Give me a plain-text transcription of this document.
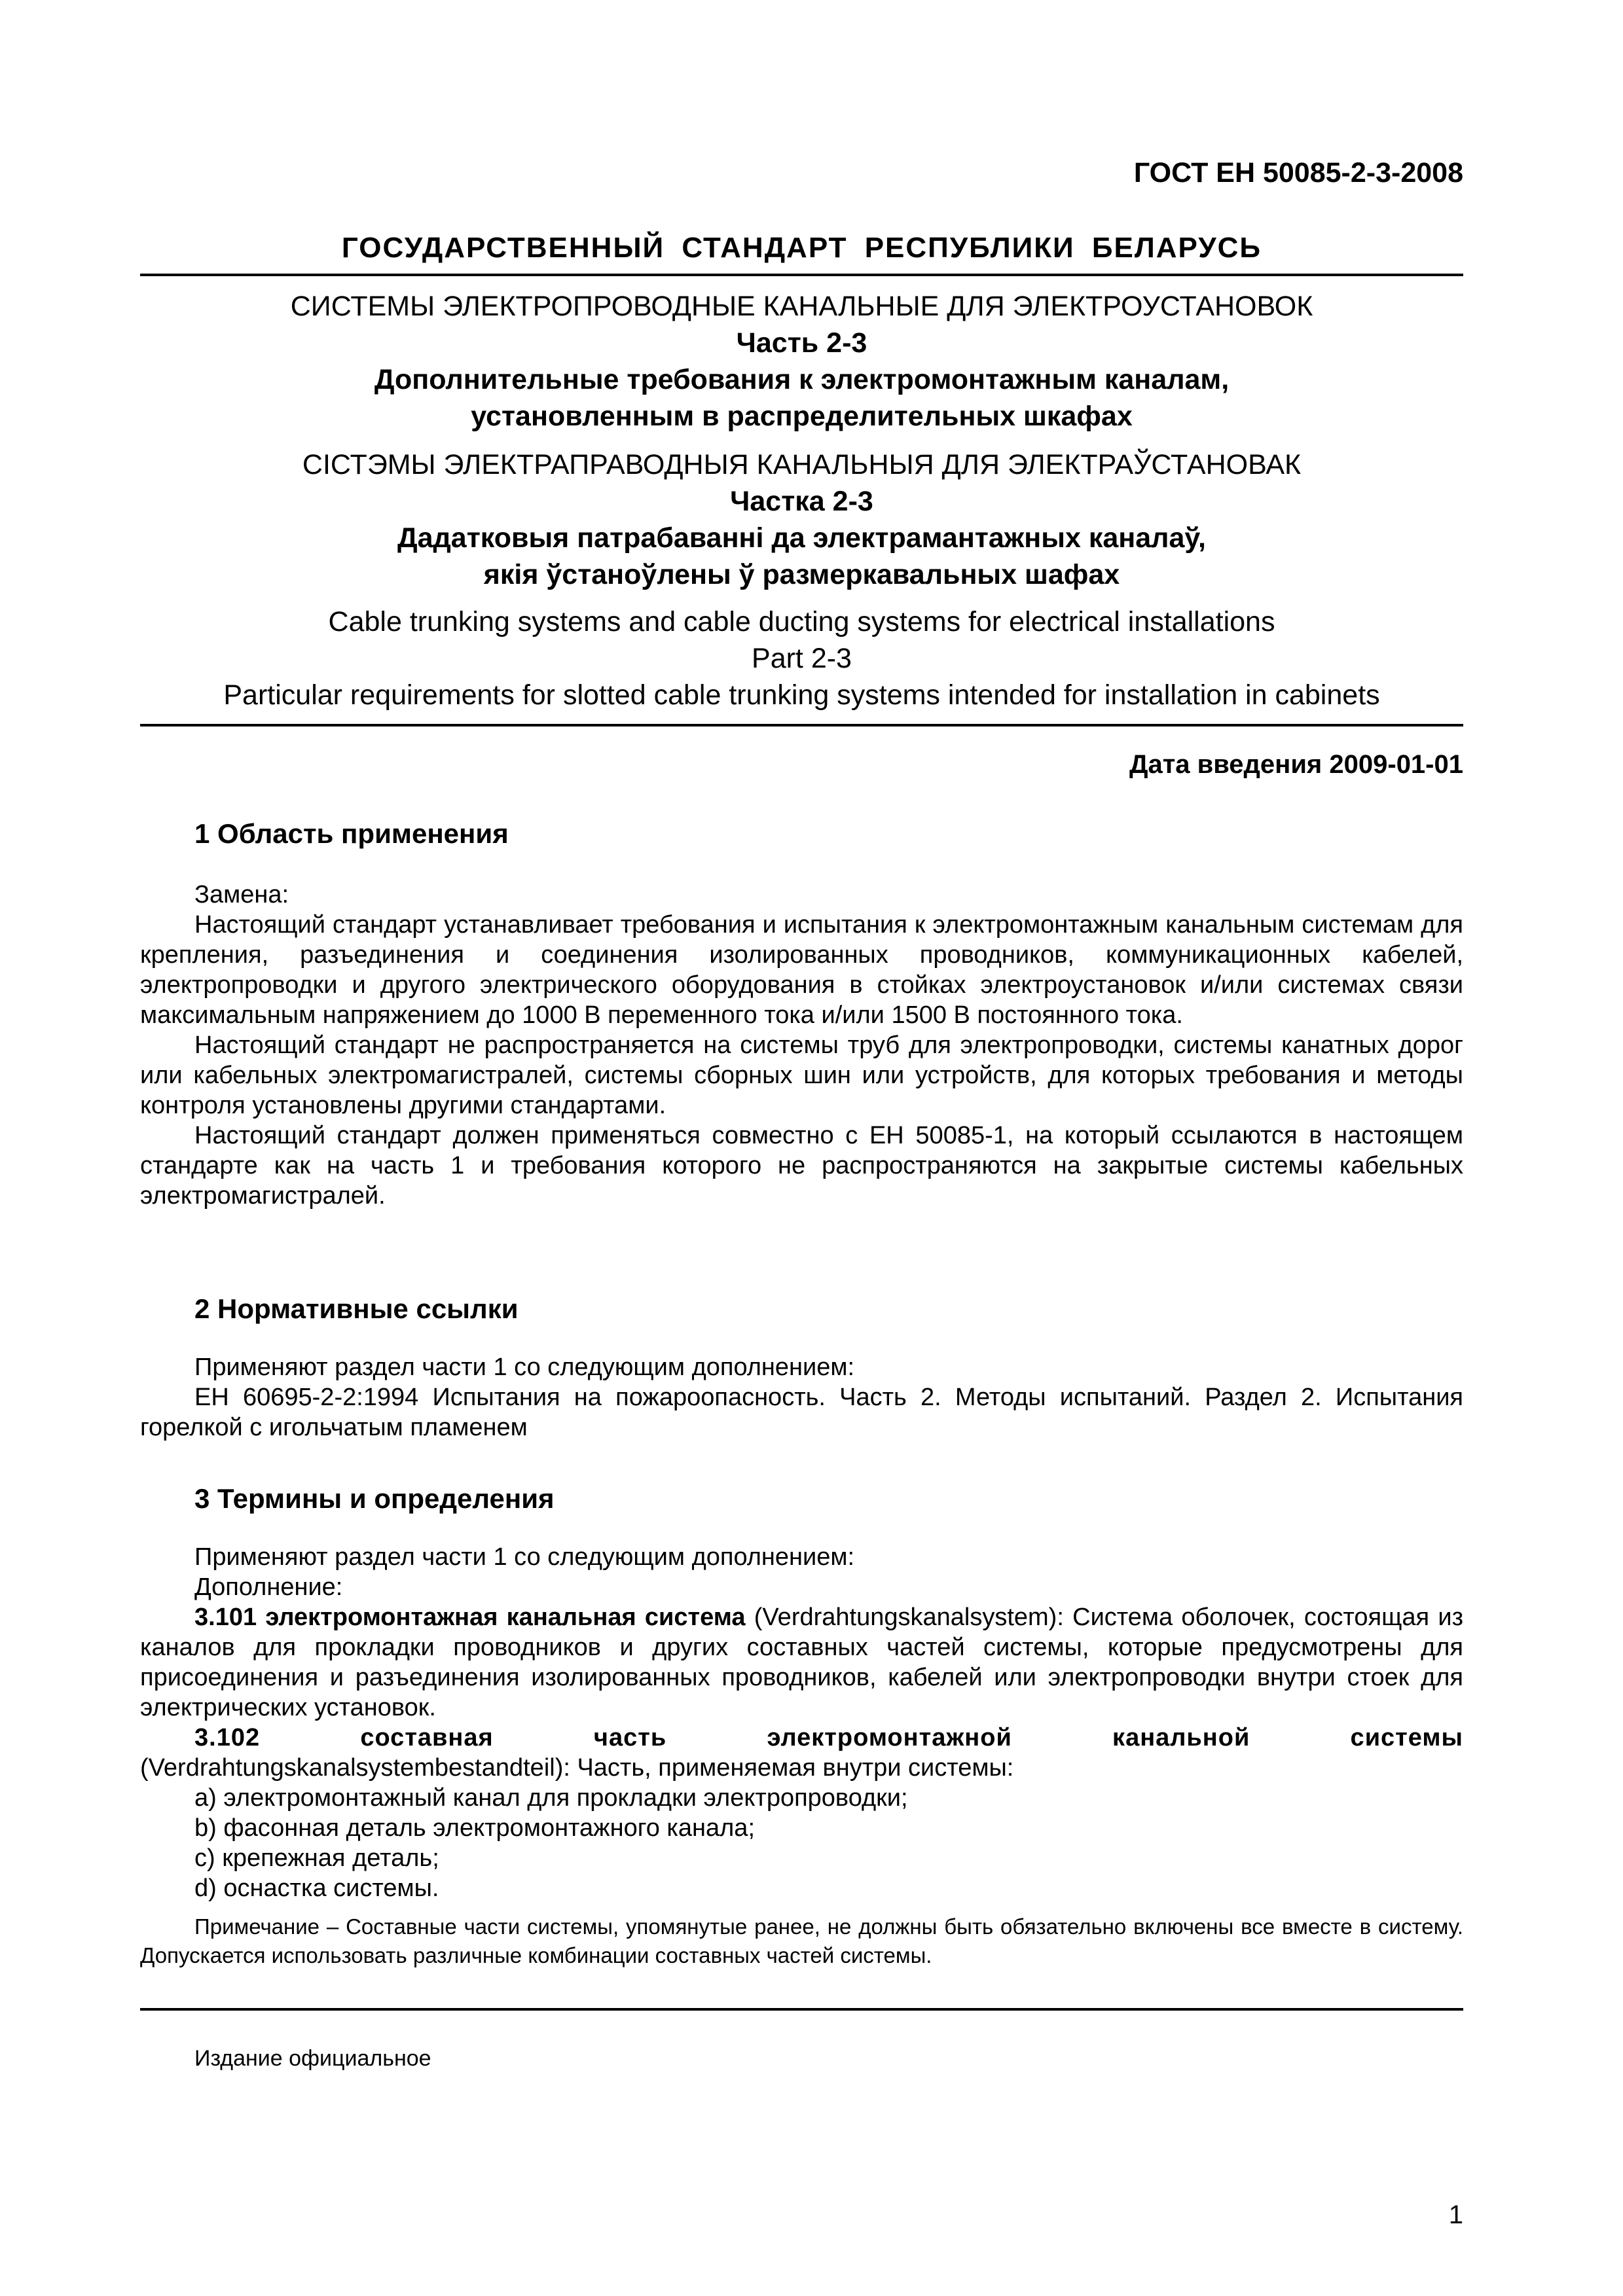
ГОСТ ЕН 50085-2-3-2008
ГОСУДАРСТВЕННЫЙ СТАНДАРТ РЕСПУБЛИКИ БЕЛАРУСЬ
СИСТЕМЫ ЭЛЕКТРОПРОВОДНЫЕ КАНАЛЬНЫЕ ДЛЯ ЭЛЕКТРОУСТАНОВОК
Часть 2-3
Дополнительные требования к электромонтажным каналам,
установленным в распределительных шкафах
СІСТЭМЫ ЭЛЕКТРАПРАВОДНЫЯ КАНАЛЬНЫЯ ДЛЯ ЭЛЕКТРАЎСТАНОВАК
Частка 2-3
Дадатковыя патрабаванні да электрамантажных каналаў,
якія ўстаноўлены ў размеркавальных шафах
Cable trunking systems and cable ducting systems for electrical installations
Part 2-3
Particular requirements for slotted cable trunking systems intended for installation in cabinets
Дата введения 2009-01-01
1 Область применения

Замена:

Настоящий стандарт устанавливает требования и испытания к электромонтажным канальным системам для крепления, разъединения и соединения изолированных проводников, коммуникационных кабелей, электропроводки и другого электрического оборудования в стойках электроустановок и/или системах связи максимальным напряжением до 1000 В переменного тока и/или 1500 В постоянного тока.

Настоящий стандарт не распространяется на системы труб для электропроводки, системы канатных дорог или кабельных электромагистралей, системы сборных шин или устройств, для которых требования и методы контроля установлены другими стандартами.

Настоящий стандарт должен применяться совместно с ЕН 50085-1, на который ссылаются в настоящем стандарте как на часть 1 и требования которого не распространяются на закрытые системы кабельных электромагистралей.

2 Нормативные ссылки

Применяют раздел части 1 со следующим дополнением:

ЕН 60695-2-2:1994 Испытания на пожароопасность. Часть 2. Методы испытаний. Раздел 2. Испытания горелкой с игольчатым пламенем

3 Термины и определения

Применяют раздел части 1 со следующим дополнением:

Дополнение:

3.101 электромонтажная канальная система (Verdrahtungskanalsystem): Система оболочек, состоящая из каналов для прокладки проводников и других составных частей системы, которые предусмотрены для присоединения и разъединения изолированных проводников, кабелей или электропроводки внутри стоек для электрических установок.

3.102 составная часть электромонтажной канальной системы (Verdrahtungskanalsystembestandteil): Часть, применяемая внутри системы:

a) электромонтажный канал для прокладки электропроводки;

b) фасонная деталь электромонтажного канала;

c) крепежная деталь;

d) оснастка системы.

Примечание – Составные части системы, упомянутые ранее, не должны быть обязательно включены все вместе в систему. Допускается использовать различные комбинации составных частей системы.

Издание официальное
1
